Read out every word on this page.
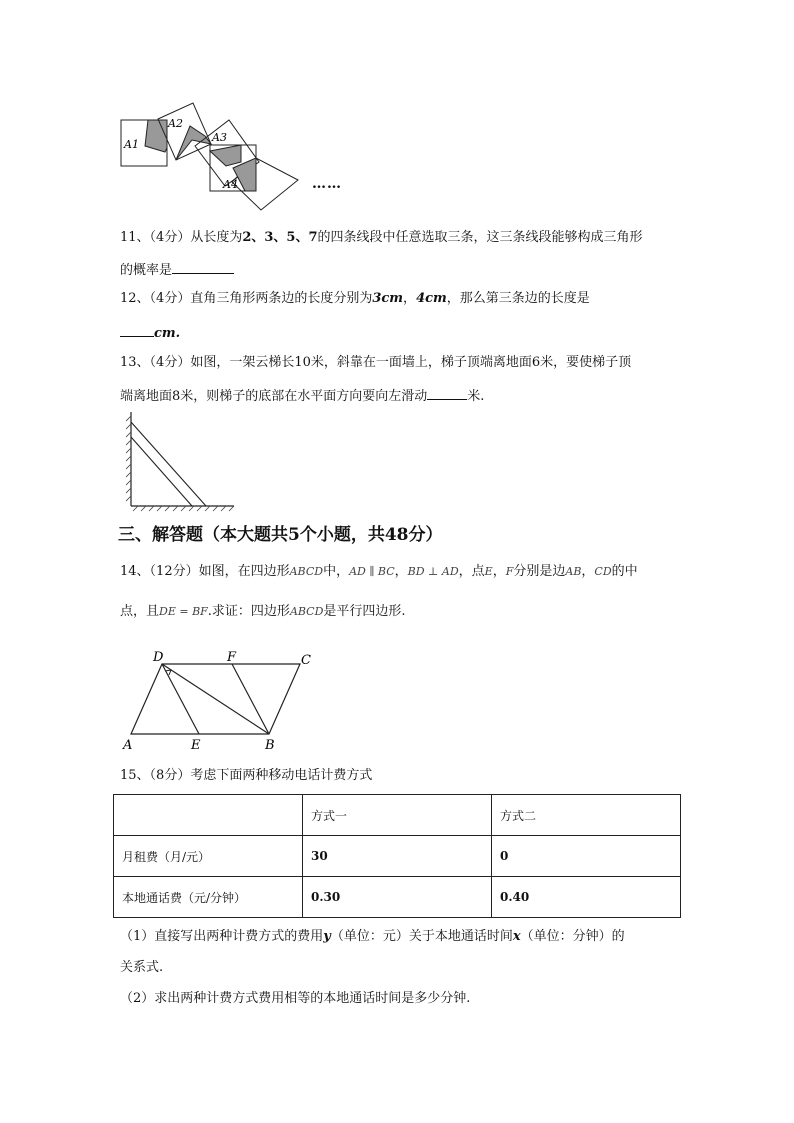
A1
A2
A3
A4	……
11、（4分）从长度为2、3、5、7的四条线段中任意选取三条，这三条线段能够构成三角形
的概率是
12、（4分）直角三角形两条边的长度分别为3cm，4cm，那么第三条边的长度是
cm.
13、（4分）如图，一架云梯长10米，斜靠在一面墙上，梯子顶端离地面6米，要使梯子顶
端离地面8米，则梯子的底部在水平面方向要向左滑动	米.
三、解答题（本大题共5个小题，共48分）
14、（12分）如图，在四边形ABCD中，AD ∥ BC，BD ⊥ AD，点E，F分别是边AB，CD的中
点，且DE = BF.求证：四边形ABCD是平行四边形.
D	F	C
A	E	B
15、（8分）考虑下面两种移动电话计费方式
	方式一	方式二
月租费（月/元）	30	0
本地通话费（元/分钟）	0.30	0.40
（1）直接写出两种计费方式的费用y（单位：元）关于本地通话时间x（单位：分钟）的
关系式.
（2）求出两种计费方式费用相等的本地通话时间是多少分钟.
